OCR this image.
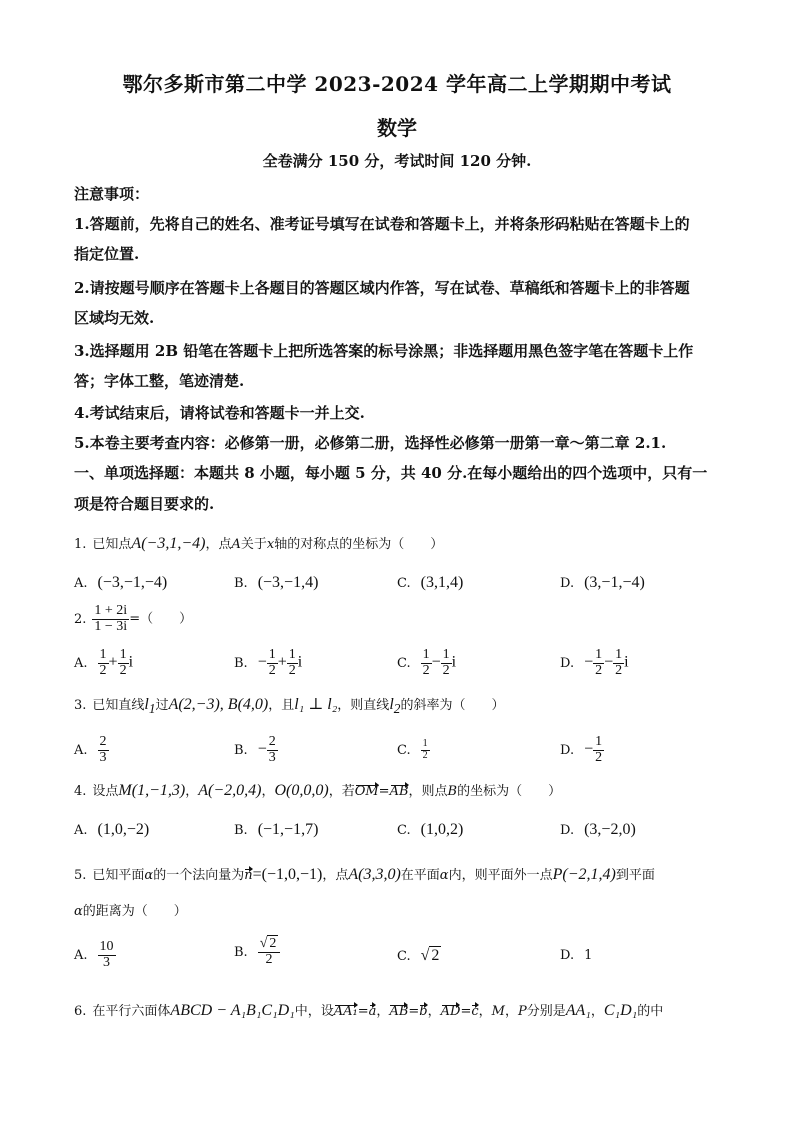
鄂尔多斯市第二中学 2023-2024 学年高二上学期期中考试
数学
全卷满分 150 分，考试时间 120 分钟.
注意事项：
1.答题前，先将自己的姓名、准考证号填写在试卷和答题卡上，并将条形码粘贴在答题卡上的
指定位置.
2.请按题号顺序在答题卡上各题目的答题区域内作答，写在试卷、草稿纸和答题卡上的非答题
区域均无效.
3.选择题用 2B 铅笔在答题卡上把所选答案的标号涂黑；非选择题用黑色签字笔在答题卡上作
答；字体工整，笔迹清楚.
4.考试结束后，请将试卷和答题卡一并上交.
5.本卷主要考查内容：必修第一册，必修第二册，选择性必修第一册第一章～第二章 2.1.
一、单项选择题：本题共 8 小题，每小题 5 分，共 40 分.在每小题给出的四个选项中，只有一
项是符合题目要求的.
1. 已知点A(−3,1,−4)，点A关于x轴的对称点的坐标为（　　）
A. (−3,−1,−4)	B. (−3,−1,4)	C. (3,1,4)	D. (3,−1,−4)
2. $\frac{1 + 2i}{1 - 3i}$ =（　　）
A. $\frac{1}{2} + \frac{1}{2}$ i	B. − $\frac{1}{2} + \frac{1}{2}$ i	C. $\frac{1}{2} - \frac{1}{2}$ i	D. − $\frac{1}{2} - \frac{1}{2}$ i
3. 已知直线$l_1$过A(2,−3), B(4,0)，且l₁ ⊥ l₂，则直线$l_2$的斜率为（　　）
A. $\frac{2}{3}$	B. − $\frac{2}{3}$	C. $\frac{1}{2}$	D. − $\frac{1}{2}$
4. 设点M(1,−1,3)，A(−2,0,4)，O(0,0,0)，若OM=AB，则点B的坐标为（　　）
A. (1,0,−2)	B. (−1,−1,7)	C. (1,0,2)	D. (3,−2,0)
5. 已知平面α的一个法向量为n=(−1,0,−1)，点A(3,3,0)在平面α内，则平面外一点P(−2,1,4)到平面
α的距离为（　　）
A. $\frac{10}{3}$	B. $\frac{√ 2}{2}$	C. √ 2	D. 1
6. 在平行六面体ABCD − A₁B₁C₁D₁中，设AA₁=a，AB=b，AD=c，M，P分别是AA₁，C₁D₁的中
